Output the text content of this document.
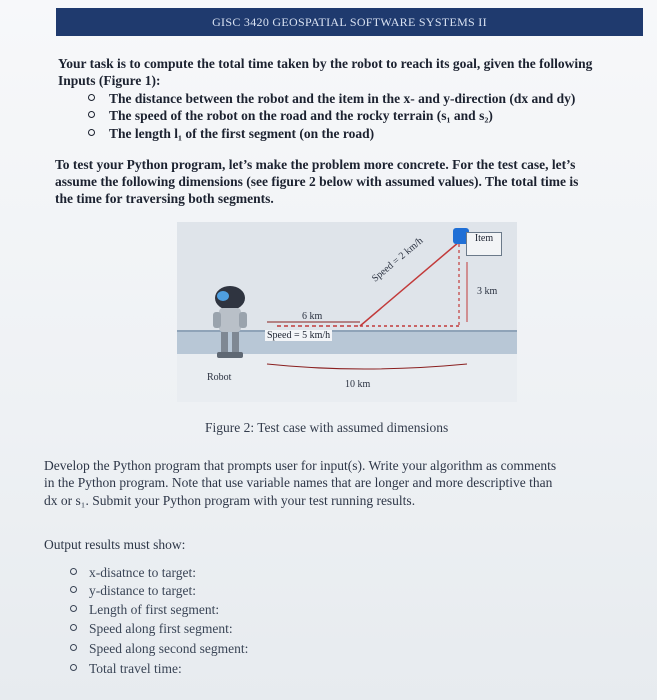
GISC 3420 GEOSPATIAL SOFTWARE SYSTEMS II
Your task is to compute the total time taken by the robot to reach its goal, given the following
Inputs (Figure 1):
The distance between the robot and the item in the x- and y-direction (dx and dy)
The speed of the robot on the road and the rocky terrain (s₁ and s₂)
The length l₁ of the first segment (on the road)
To test your Python program, let’s make the problem more concrete. For the test case, let’s
assume the following dimensions (see figure 2 below with assumed values). The total time is
the time for traversing both segments.
Item
Speed = 2 km/h
3 km
6 km
Speed = 5 km/h
Robot
10 km
Figure 2: Test case with assumed dimensions
Develop the Python program that prompts user for input(s). Write your algorithm as comments
in the Python program. Note that use variable names that are longer and more descriptive than
dx or s₁. Submit your Python program with your test running results.
Output results must show:
x-disatnce to target:
y-distance to target:
Length of first segment:
Speed along first segment:
Speed along second segment:
Total travel time:
